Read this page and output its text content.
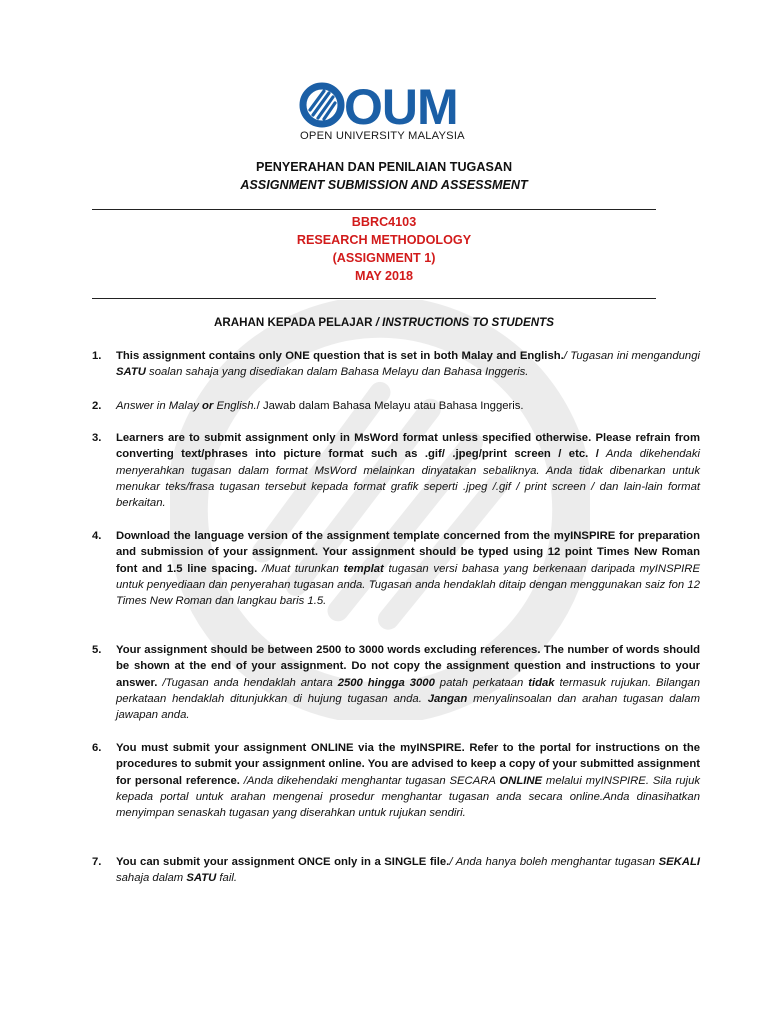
OUM
OPEN UNIVERSITY MALAYSIA
PENYERAHAN DAN PENILAIAN TUGASAN
ASSIGNMENT SUBMISSION AND ASSESSMENT
BBRC4103
RESEARCH METHODOLOGY
(ASSIGNMENT 1)
MAY 2018
ARAHAN KEPADA PELAJAR / INSTRUCTIONS TO STUDENTS
1. This assignment contains only ONE question that is set in both Malay and English./ Tugasan ini mengandungi SATU soalan sahaja yang disediakan dalam Bahasa Melayu dan Bahasa Inggeris.
2. Answer in Malay or English./ Jawab dalam Bahasa Melayu atau Bahasa Inggeris.
3. Learners are to submit assignment only in MsWord format unless specified otherwise. Please refrain from converting text/phrases into picture format such as .gif/ .jpeg/print screen / etc. / Anda dikehendaki menyerahkan tugasan dalam format MsWord melainkan dinyatakan sebaliknya. Anda tidak dibenarkan untuk menukar teks/frasa tugasan tersebut kepada format grafik seperti .jpeg /.gif / print screen / dan lain-lain format berkaitan.
4. Download the language version of the assignment template concerned from the myINSPIRE for preparation and submission of your assignment. Your assignment should be typed using 12 point Times New Roman font and 1.5 line spacing. /Muat turunkan templat tugasan versi bahasa yang berkenaan daripada myINSPIRE untuk penyediaan dan penyerahan tugasan anda. Tugasan anda hendaklah ditaip dengan menggunakan saiz fon 12 Times New Roman dan langkau baris 1.5.
5. Your assignment should be between 2500 to 3000 words excluding references. The number of words should be shown at the end of your assignment. Do not copy the assignment question and instructions to your answer. /Tugasan anda hendaklah antara 2500 hingga 3000 patah perkataan tidak termasuk rujukan. Bilangan perkataan hendaklah ditunjukkan di hujung tugasan anda. Jangan menyalinsoalan dan arahan tugasan dalam jawapan anda.
6. You must submit your assignment ONLINE via the myINSPIRE. Refer to the portal for instructions on the procedures to submit your assignment online. You are advised to keep a copy of your submitted assignment for personal reference. /Anda dikehendaki menghantar tugasan SECARA ONLINE melalui myINSPIRE. Sila rujuk kepada portal untuk arahan mengenai prosedur menghantar tugasan anda secara online.Anda dinasihatkan menyimpan senaskah tugasan yang diserahkan untuk rujukan sendiri.
7. You can submit your assignment ONCE only in a SINGLE file./ Anda hanya boleh menghantar tugasan SEKALI sahaja dalam SATU fail.
